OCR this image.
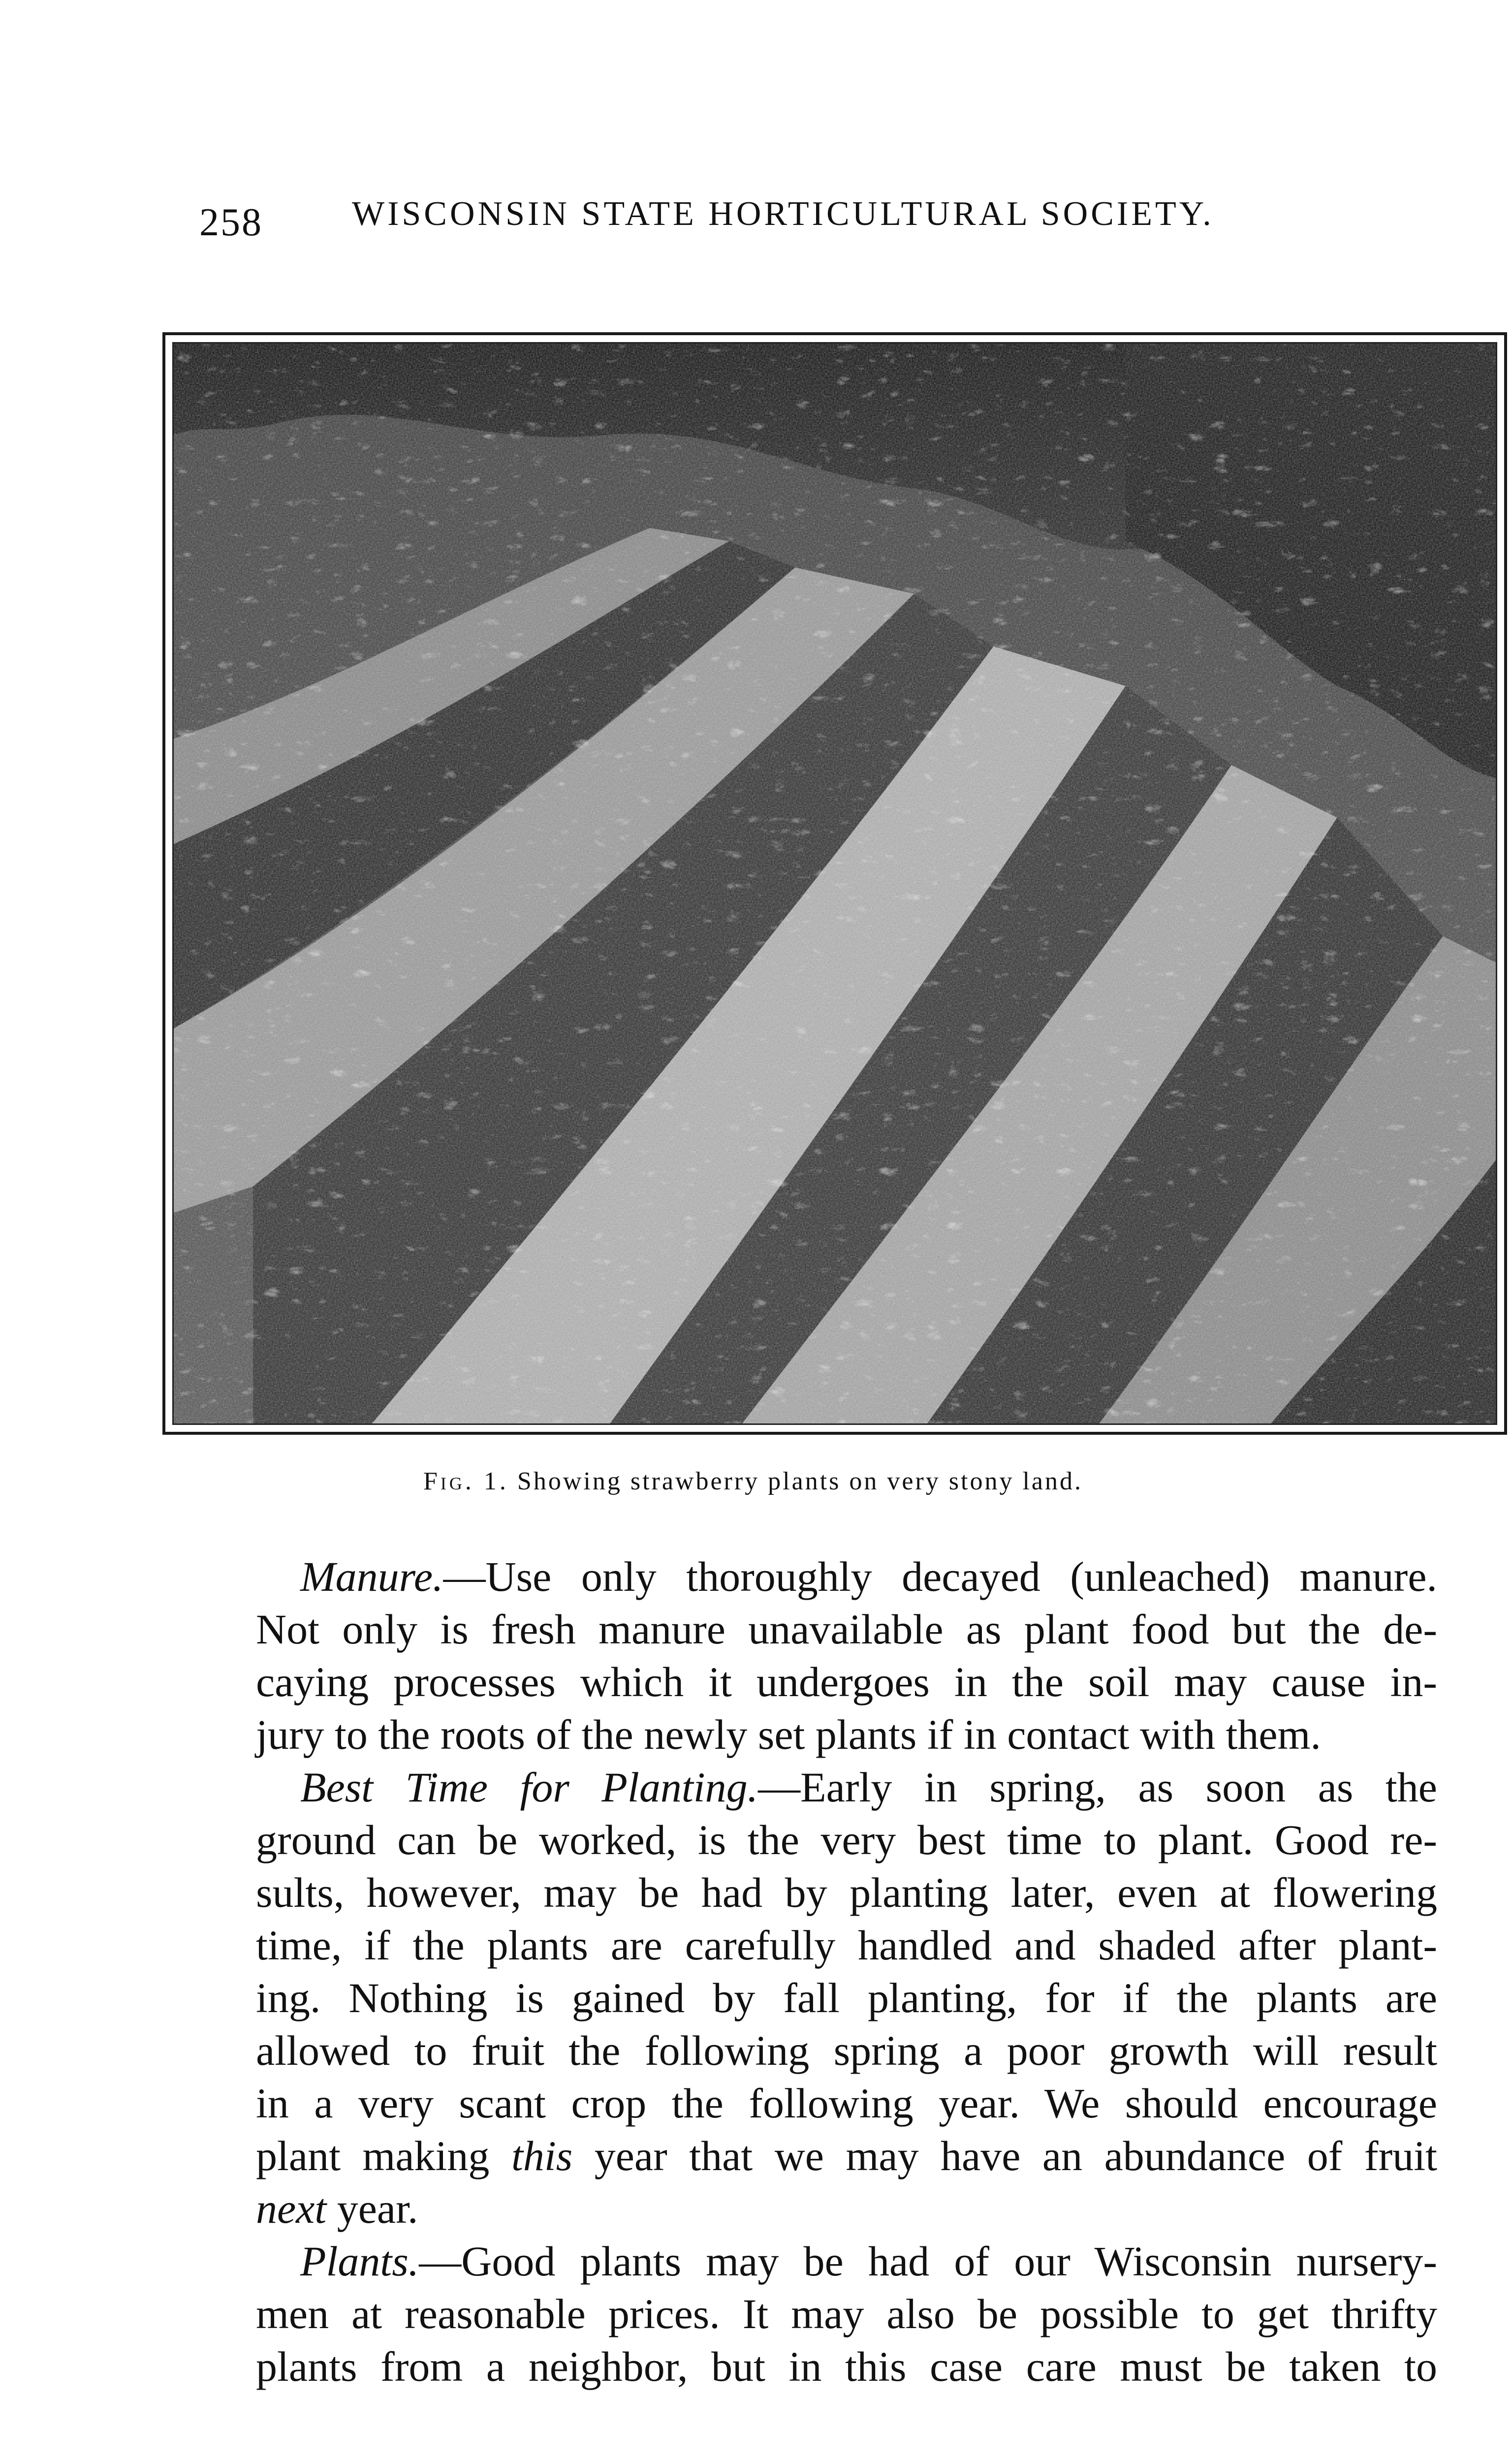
258	WISCONSIN STATE HORTICULTURAL SOCIETY.
Fig. 1. Showing strawberry plants on very stony land.

Manure.—Use only thoroughly decayed (unleached) manure.
Not only is fresh manure unavailable as plant food but the de-
caying processes which it undergoes in the soil may cause in-
jury to the roots of the newly set plants if in contact with them.

Best Time for Planting.—Early in spring, as soon as the
ground can be worked, is the very best time to plant. Good re-
sults, however, may be had by planting later, even at flowering
time, if the plants are carefully handled and shaded after plant-
ing. Nothing is gained by fall planting, for if the plants are
allowed to fruit the following spring a poor growth will result
in a very scant crop the following year. We should encourage
plant making this year that we may have an abundance of fruit
next year.

Plants.—Good plants may be had of our Wisconsin nursery-
men at reasonable prices. It may also be possible to get thrifty
plants from a neighbor, but in this case care must be taken to
